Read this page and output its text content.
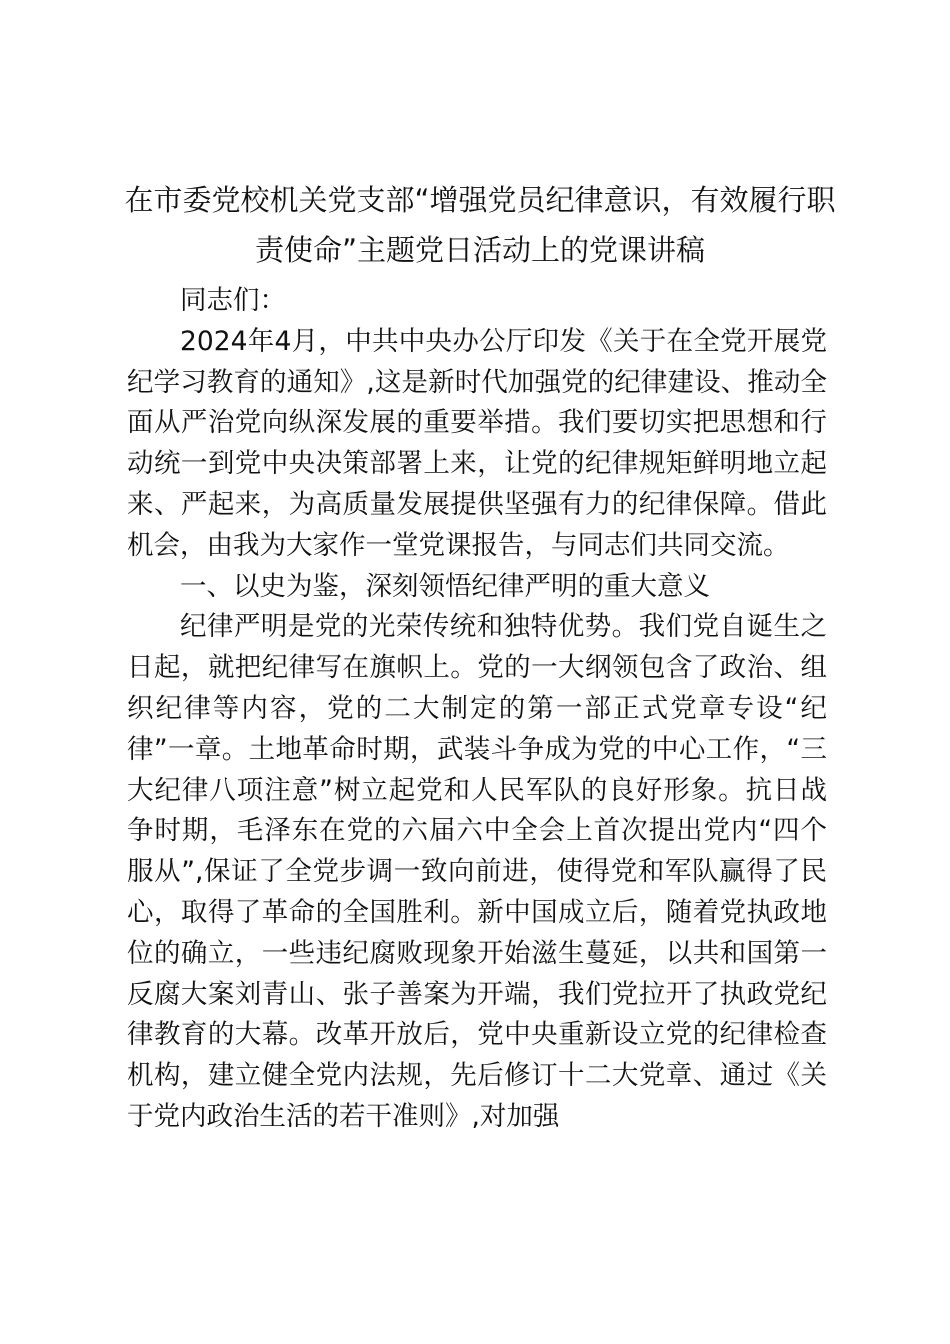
在市委党校机关党支部“增强党员纪律意识，有效履行职责使命”主题党日活动上的党课讲稿

同志们：

2024年4月，中共中央办公厅印发《关于在全党开展党纪学习教育的通知》,这是新时代加强党的纪律建设、推动全面从严治党向纵深发展的重要举措。我们要切实把思想和行动统一到党中央决策部署上来，让党的纪律规矩鲜明地立起来、严起来，为高质量发展提供坚强有力的纪律保障。借此机会，由我为大家作一堂党课报告，与同志们共同交流。

一、以史为鉴，深刻领悟纪律严明的重大意义

纪律严明是党的光荣传统和独特优势。我们党自诞生之日起，就把纪律写在旗帜上。党的一大纲领包含了政治、组织纪律等内容，党的二大制定的第一部正式党章专设“纪律”一章。土地革命时期，武装斗争成为党的中心工作，“三大纪律八项注意”树立起党和人民军队的良好形象。抗日战争时期，毛泽东在党的六届六中全会上首次提出党内“四个服从”,保证了全党步调一致向前进，使得党和军队赢得了民心，取得了革命的全国胜利。新中国成立后，随着党执政地位的确立，一些违纪腐败现象开始滋生蔓延，以共和国第一反腐大案刘青山、张子善案为开端，我们党拉开了执政党纪律教育的大幕。改革开放后，党中央重新设立党的纪律检查机构，建立健全党内法规，先后修订十二大党章、通过《关于党内政治生活的若干准则》,对加强
